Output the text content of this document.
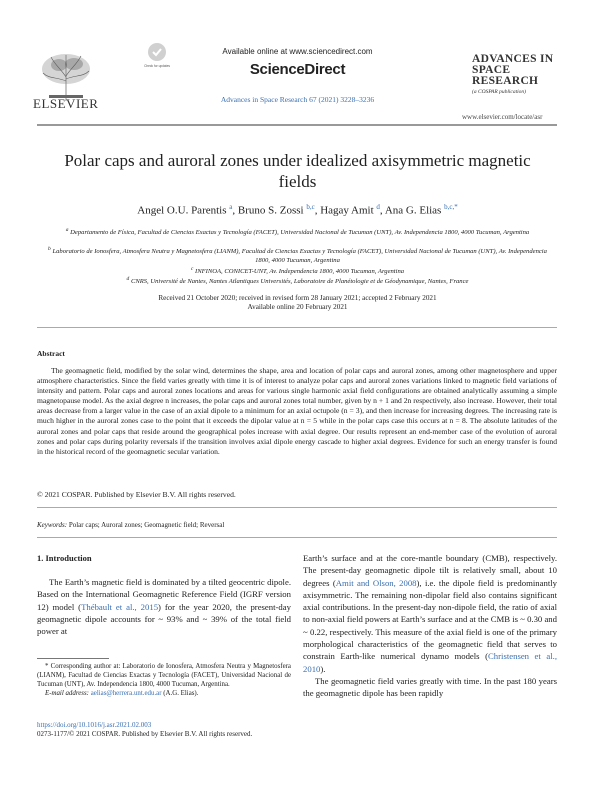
ELSEVIER
Check for updates
Available online at www.sciencedirect.com
ScienceDirect
Advances in Space Research 67 (2021) 3228–3236
ADVANCES IN
SPACE
RESEARCH
(a COSPAR publication)
www.elsevier.com/locate/asr
Polar caps and auroral zones under idealized axisymmetric magnetic fields
Angel O.U. Parentis $^a$, Bruno S. Zossi $^{b,c}$, Hagay Amit $^d$, Ana G. Elias $^{b,c,*}$
$^a$ Departamento de Física, Facultad de Ciencias Exactas y Tecnología (FACET), Universidad Nacional de Tucuman (UNT), Av. Independencia 1800, 4000 Tucuman, Argentina
$^b$ Laboratorio de Ionosfera, Atmosfera Neutra y Magnetosfera (LIANM), Facultad de Ciencias Exactas y Tecnología (FACET), Universidad Nacional de Tucuman (UNT), Av. Independencia 1800, 4000 Tucuman, Argentina
$^c$ INFINOA, CONICET-UNT, Av. Independencia 1800, 4000 Tucuman, Argentina
$^d$ CNRS, Université de Nantes, Nantes Atlantiques Universités, Laboratoire de Planétologie et de Géodynamique, Nantes, France
Received 21 October 2020; received in revised form 28 January 2021; accepted 2 February 2021
Available online 20 February 2021
Abstract
The geomagnetic field, modified by the solar wind, determines the shape, area and location of polar caps and auroral zones, among other magnetosphere and upper atmosphere characteristics. Since the field varies greatly with time it is of interest to analyze polar caps and auroral zones variations linked to magnetic field variations of intensity and pattern. Polar caps and auroral zones locations and areas for various single harmonic axial field configurations are obtained analytically assuming a simple magnetopause model. As the axial degree n increases, the polar caps and auroral zones total number, given by n + 1 and 2n respectively, also increase. However, their total areas decrease from a larger value in the case of an axial dipole to a minimum for an axial octupole (n = 3), and then increase for increasing degrees. The increasing rate is much higher in the auroral zones case to the point that it exceeds the dipolar value at n = 5 while in the polar caps case this occurs at n = 8. The absolute latitudes of the auroral zones and polar caps that reside around the geographical poles increase with axial degree. Our results represent an end-member case of the evolution of auroral zones and polar caps during polarity reversals if the transition involves axial dipole energy cascade to higher axial degrees. Evidence for such an energy transfer is found in the historical record of the geomagnetic secular variation.
© 2021 COSPAR. Published by Elsevier B.V. All rights reserved.
Keywords: Polar caps; Auroral zones; Geomagnetic field; Reversal
1. Introduction
The Earth’s magnetic field is dominated by a tilted geocentric dipole. Based on the International Geomagnetic Reference Field (IGRF version 12) model (Thébault et al., 2015) for the year 2020, the present-day geomagnetic dipole accounts for ~ 93% and ~ 39% of the total field power at
Earth’s surface and at the core-mantle boundary (CMB), respectively. The present-day geomagnetic dipole tilt is relatively small, about 10 degrees (Amit and Olson, 2008), i.e. the dipole field is predominantly axisymmetric. The remaining non-dipolar field also contains significant axial contributions. In the present-day non-dipole field, the ratio of axial to non-axial field powers at Earth’s surface and at the CMB is ~ 0.30 and ~ 0.22, respectively. This measure of the axial field is one of the primary morphological characteristics of the geomagnetic field that serves to constrain Earth-like numerical dynamo models (Christensen et al., 2010).
The geomagnetic field varies greatly with time. In the past 180 years the geomagnetic dipole has been rapidly
* Corresponding author at: Laboratorio de Ionosfera, Atmosfera Neutra y Magnetosfera (LIANM), Facultad de Ciencias Exactas y Tecnología (FACET), Universidad Nacional de Tucuman (UNT), Av. Independencia 1800, 4000 Tucuman, Argentina.
E-mail address: aelias@herrera.unt.edu.ar (A.G. Elias).
https://doi.org/10.1016/j.asr.2021.02.003
0273-1177/© 2021 COSPAR. Published by Elsevier B.V. All rights reserved.
